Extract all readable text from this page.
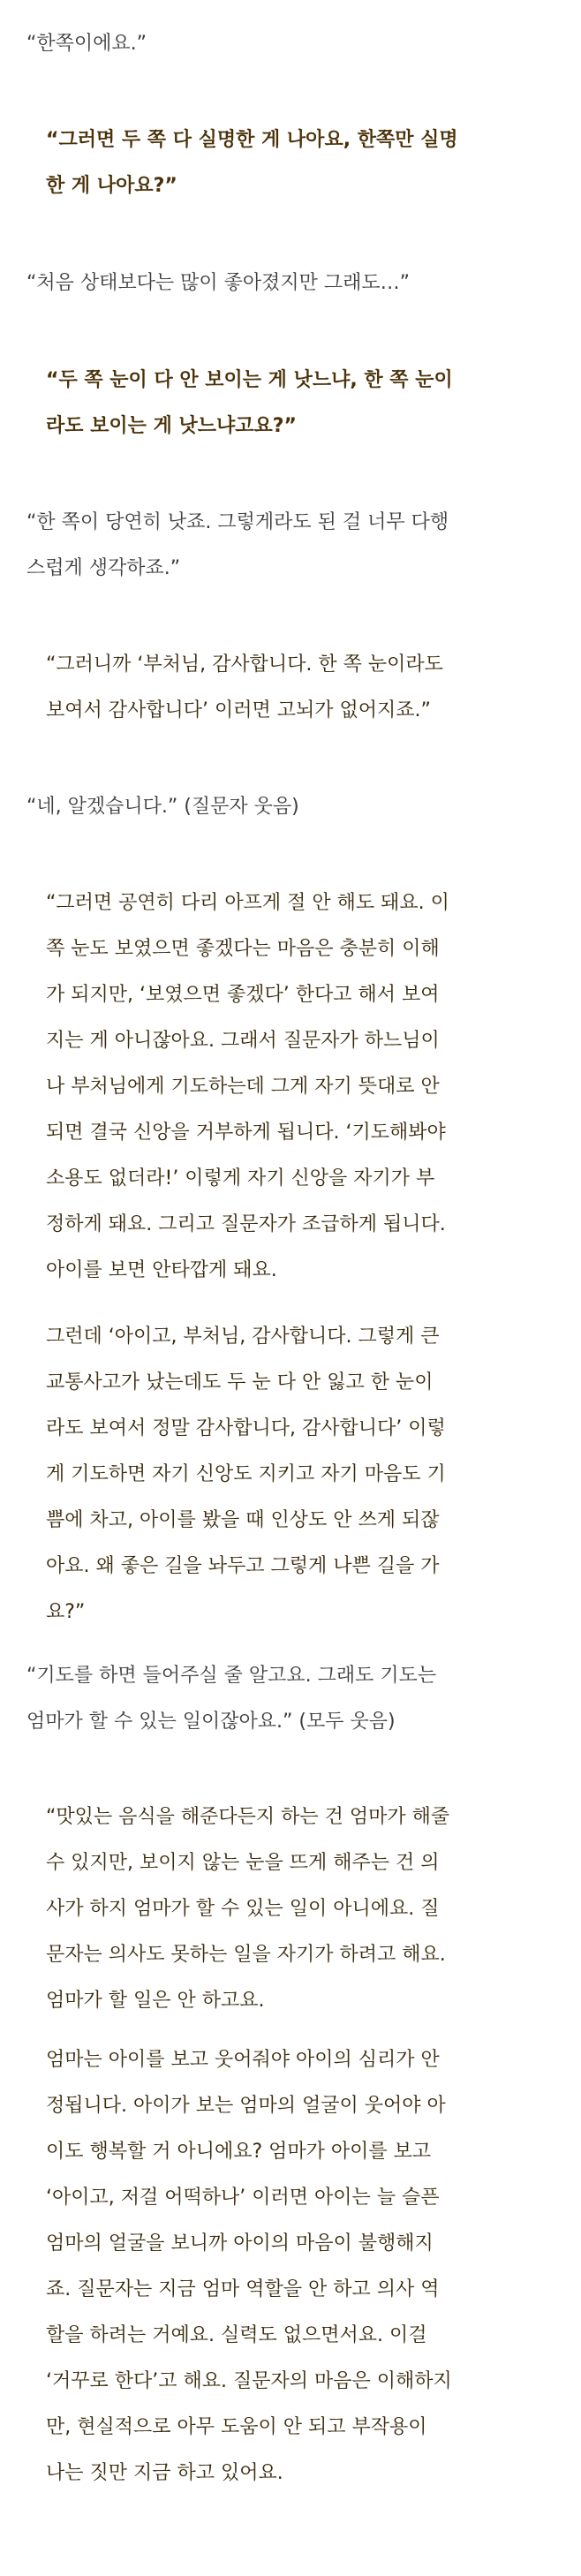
“한쪽이에요.”
“그러면 두 쪽 다 실명한 게 나아요, 한쪽만 실명
한 게 나아요?”
“처음 상태보다는 많이 좋아졌지만 그래도…”
“두 쪽 눈이 다 안 보이는 게 낫느냐, 한 쪽 눈이
라도 보이는 게 낫느냐고요?”
“한 쪽이 당연히 낫죠. 그렇게라도 된 걸 너무 다행
스럽게 생각하죠.”
“그러니까 ‘부처님, 감사합니다. 한 쪽 눈이라도
보여서 감사합니다’ 이러면 고뇌가 없어지죠.”
“네, 알겠습니다.” (질문자 웃음)
“그러면 공연히 다리 아프게 절 안 해도 돼요. 이
쪽 눈도 보였으면 좋겠다는 마음은 충분히 이해
가 되지만, ‘보였으면 좋겠다’ 한다고 해서 보여
지는 게 아니잖아요. 그래서 질문자가 하느님이
나 부처님에게 기도하는데 그게 자기 뜻대로 안
되면 결국 신앙을 거부하게 됩니다. ‘기도해봐야
소용도 없더라!’ 이렇게 자기 신앙을 자기가 부
정하게 돼요. 그리고 질문자가 조급하게 됩니다.
아이를 보면 안타깝게 돼요.
그런데 ‘아이고, 부처님, 감사합니다. 그렇게 큰
교통사고가 났는데도 두 눈 다 안 잃고 한 눈이
라도 보여서 정말 감사합니다, 감사합니다’ 이렇
게 기도하면 자기 신앙도 지키고 자기 마음도 기
쁨에 차고, 아이를 봤을 때 인상도 안 쓰게 되잖
아요. 왜 좋은 길을 놔두고 그렇게 나쁜 길을 가
요?”
“기도를 하면 들어주실 줄 알고요. 그래도 기도는
엄마가 할 수 있는 일이잖아요.” (모두 웃음)
“맛있는 음식을 해준다든지 하는 건 엄마가 해줄
수 있지만, 보이지 않는 눈을 뜨게 해주는 건 의
사가 하지 엄마가 할 수 있는 일이 아니에요. 질
문자는 의사도 못하는 일을 자기가 하려고 해요.
엄마가 할 일은 안 하고요.
엄마는 아이를 보고 웃어줘야 아이의 심리가 안
정됩니다. 아이가 보는 엄마의 얼굴이 웃어야 아
이도 행복할 거 아니에요? 엄마가 아이를 보고
‘아이고, 저걸 어떡하나’ 이러면 아이는 늘 슬픈
엄마의 얼굴을 보니까 아이의 마음이 불행해지
죠. 질문자는 지금 엄마 역할을 안 하고 의사 역
할을 하려는 거예요. 실력도 없으면서요. 이걸
‘거꾸로 한다’고 해요. 질문자의 마음은 이해하지
만, 현실적으로 아무 도움이 안 되고 부작용이
나는 짓만 지금 하고 있어요.
